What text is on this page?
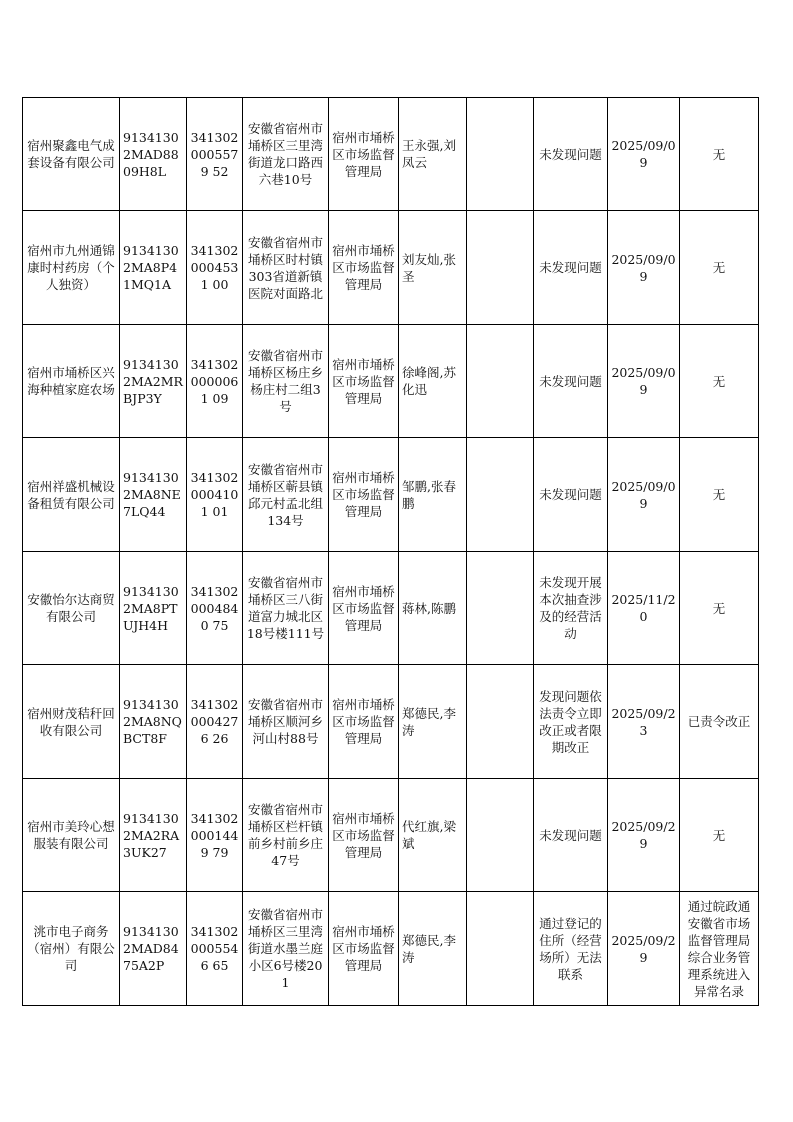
宿州聚鑫电气成套设备有限公司	91341302MAD8809H8L	3413020005579 52	安徽省宿州市埇桥区三里湾街道龙口路西六巷10号	宿州市埇桥区市场监督管理局	王永强,刘凤云		未发现问题	2025/09/09	无
宿州市九州通锦康时村药房（个人独资）	91341302MA8P41MQ1A	3413020004531 00	安徽省宿州市埇桥区时村镇303省道新镇医院对面路北	宿州市埇桥区市场监督管理局	刘友灿,张圣		未发现问题	2025/09/09	无
宿州市埇桥区兴海种植家庭农场	91341302MA2MRBJP3Y	3413020000061 09	安徽省宿州市埇桥区杨庄乡杨庄村二组3号	宿州市埇桥区市场监督管理局	徐峰阁,苏化迅		未发现问题	2025/09/09	无
宿州祥盛机械设备租赁有限公司	91341302MA8NE7LQ44	3413020004101 01	安徽省宿州市埇桥区蕲县镇邱元村孟北组134号	宿州市埇桥区市场监督管理局	邹鹏,张春鹏		未发现问题	2025/09/09	无
安徽怡尔达商贸有限公司	91341302MA8PTUJH4H	3413020004840 75	安徽省宿州市埇桥区三八街道富力城北区18号楼111号	宿州市埇桥区市场监督管理局	蒋林,陈鹏		未发现开展本次抽查涉及的经营活动	2025/11/20	无
宿州财茂秸秆回收有限公司	91341302MA8NQBCT8F	3413020004276 26	安徽省宿州市埇桥区顺河乡河山村88号	宿州市埇桥区市场监督管理局	郑德民,李涛		发现问题依法责令立即改正或者限期改正	2025/09/23	已责令改正
宿州市美玲心想服装有限公司	91341302MA2RA3UK27	3413020001449 79	安徽省宿州市埇桥区栏杆镇前乡村前乡庄47号	宿州市埇桥区市场监督管理局	代红旗,梁斌		未发现问题	2025/09/29	无
洮市电子商务（宿州）有限公司	91341302MAD8475A2P	3413020005546 65	安徽省宿州市埇桥区三里湾街道水墨兰庭小区6号楼201	宿州市埇桥区市场监督管理局	郑德民,李涛		通过登记的住所（经营场所）无法联系	2025/09/29	通过皖政通安徽省市场监督管理局综合业务管理系统进入异常名录
